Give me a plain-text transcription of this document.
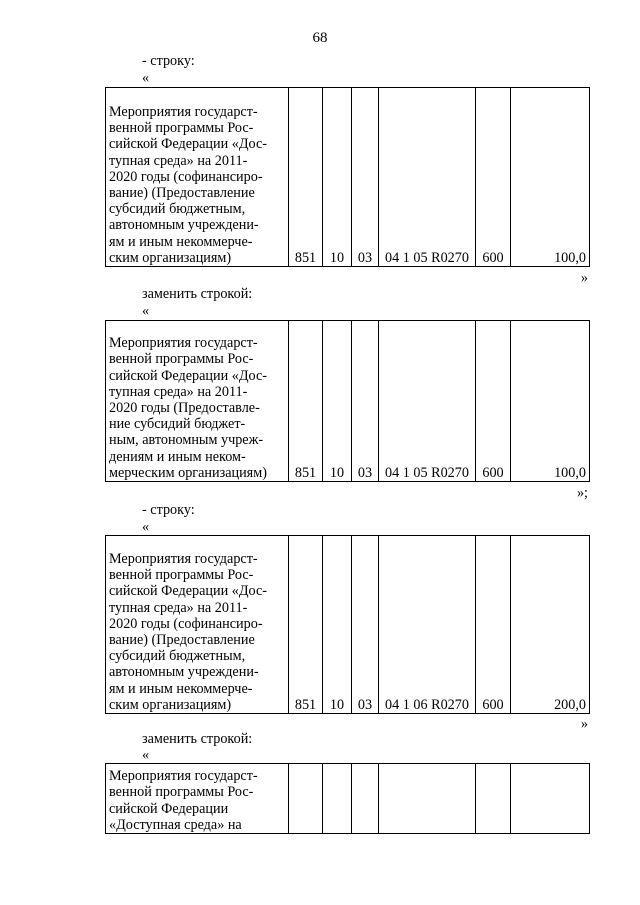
68
- строку:
«
Мероприятия государст-
венной программы Рос-
сийской Федерации «Дос-
тупная среда» на 2011-
2020 годы (софинансиро-
вание) (Предоставление
субсидий бюджетным,
автономным учреждени-
ям и иным некоммерче-
ским организациям)	851	10	03	04 1 05 R0270	600	100,0
»
заменить строкой:
«
Мероприятия государст-
венной программы Рос-
сийской Федерации «Дос-
тупная среда» на 2011-
2020 годы (Предоставле-
ние субсидий бюджет-
ным, автономным учреж-
дениям и иным неком-
мерческим организациям)	851	10	03	04 1 05 R0270	600	100,0
»;
- строку:
«
Мероприятия государст-
венной программы Рос-
сийской Федерации «Дос-
тупная среда» на 2011-
2020 годы (софинансиро-
вание) (Предоставление
субсидий бюджетным,
автономным учреждени-
ям и иным некоммерче-
ским организациям)	851	10	03	04 1 06 R0270	600	200,0
»
заменить строкой:
«
Мероприятия государст-
венной программы Рос-
сийской Федерации
«Доступная среда» на
